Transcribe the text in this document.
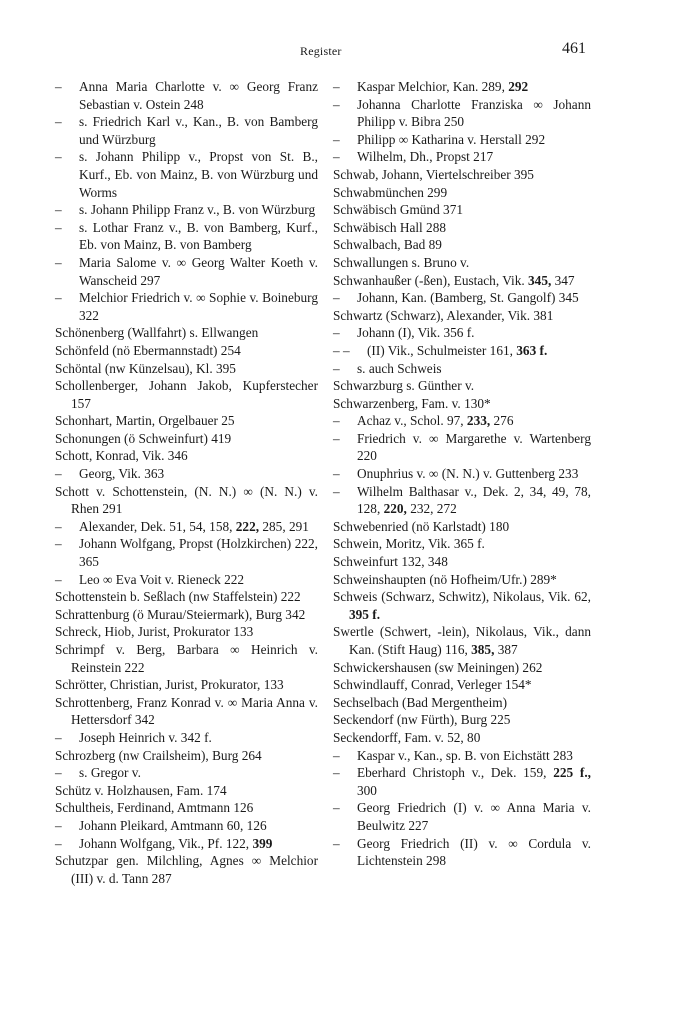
Register	461
– Anna Maria Charlotte v. ∞ Georg Franz Sebastian v. Ostein 248
– s. Friedrich Karl v., Kan., B. von Bamberg und Würzburg
– s. Johann Philipp v., Propst von St. B., Kurf., Eb. von Mainz, B. von Würzburg und Worms
– s. Johann Philipp Franz v., B. von Würzburg
– s. Lothar Franz v., B. von Bamberg, Kurf., Eb. von Mainz, B. von Bamberg
– Maria Salome v. ∞ Georg Walter Koeth v. Wanscheid 297
– Melchior Friedrich v. ∞ Sophie v. Boineburg 322
Schönenberg (Wallfahrt) s. Ellwangen
Schönfeld (nö Ebermannstadt) 254
Schöntal (nw Künzelsau), Kl. 395
Schollenberger, Johann Jakob, Kupferstecher 157
Schonhart, Martin, Orgelbauer 25
Schonungen (ö Schweinfurt) 419
Schott, Konrad, Vik. 346
– Georg, Vik. 363
Schott v. Schottenstein, (N. N.) ∞ (N. N.) v. Rhen 291
– Alexander, Dek. 51, 54, 158, 222, 285, 291
– Johann Wolfgang, Propst (Holzkirchen) 222, 365
– Leo ∞ Eva Voit v. Rieneck 222
Schottenstein b. Seßlach (nw Staffelstein) 222
Schrattenburg (ö Murau/Steiermark), Burg 342
Schreck, Hiob, Jurist, Prokurator 133
Schrimpf v. Berg, Barbara ∞ Heinrich v. Reinstein 222
Schrötter, Christian, Jurist, Prokurator, 133
Schrottenberg, Franz Konrad v. ∞ Maria Anna v. Hettersdorf 342
– Joseph Heinrich v. 342 f.
Schrozberg (nw Crailsheim), Burg 264
– s. Gregor v.
Schütz v. Holzhausen, Fam. 174
Schultheis, Ferdinand, Amtmann 126
– Johann Pleikard, Amtmann 60, 126
– Johann Wolfgang, Vik., Pf. 122, 399
Schutzpar gen. Milchling, Agnes ∞ Melchior (III) v. d. Tann 287
– Kaspar Melchior, Kan. 289, 292
– Johanna Charlotte Franziska ∞ Johann Philipp v. Bibra 250
– Philipp ∞ Katharina v. Herstall 292
– Wilhelm, Dh., Propst 217
Schwab, Johann, Viertelschreiber 395
Schwabmünchen 299
Schwäbisch Gmünd 371
Schwäbisch Hall 288
Schwalbach, Bad 89
Schwallungen s. Bruno v.
Schwanhaußer (-ßen), Eustach, Vik. 345, 347
– Johann, Kan. (Bamberg, St. Gangolf) 345
Schwartz (Schwarz), Alexander, Vik. 381
– Johann (I), Vik. 356 f.
– – (II) Vik., Schulmeister 161, 363 f.
– s. auch Schweis
Schwarzburg s. Günther v.
Schwarzenberg, Fam. v. 130*
– Achaz v., Schol. 97, 233, 276
– Friedrich v. ∞ Margarethe v. Wartenberg 220
– Onuphrius v. ∞ (N. N.) v. Guttenberg 233
– Wilhelm Balthasar v., Dek. 2, 34, 49, 78, 128, 220, 232, 272
Schwebenried (nö Karlstadt) 180
Schwein, Moritz, Vik. 365 f.
Schweinfurt 132, 348
Schweinshaupten (nö Hofheim/Ufr.) 289*
Schweis (Schwarz, Schwitz), Nikolaus, Vik. 62, 395 f.
Swertle (Schwert, -lein), Nikolaus, Vik., dann Kan. (Stift Haug) 116, 385, 387
Schwickershausen (sw Meiningen) 262
Schwindlauff, Conrad, Verleger 154*
Sechselbach (Bad Mergentheim)
Seckendorf (nw Fürth), Burg 225
Seckendorff, Fam. v. 52, 80
– Kaspar v., Kan., sp. B. von Eichstätt 283
– Eberhard Christoph v., Dek. 159, 225 f., 300
– Georg Friedrich (I) v. ∞ Anna Maria v. Beulwitz 227
– Georg Friedrich (II) v. ∞ Cordula v. Lichtenstein 298
